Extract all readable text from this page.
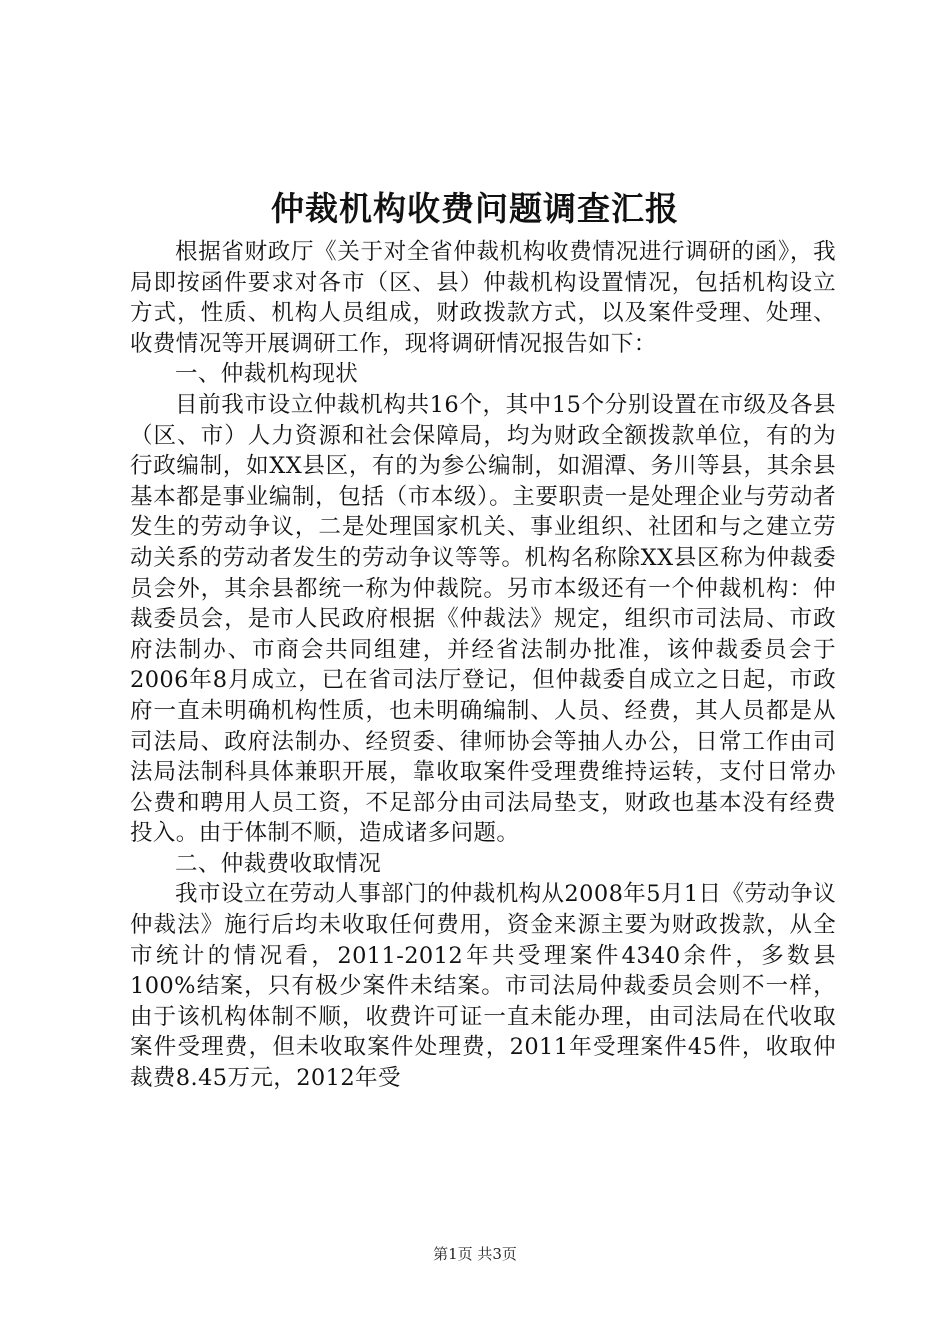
仲裁机构收费问题调查汇报

根据省财政厅《关于对全省仲裁机构收费情况进行调研的函》，我局即按函件要求对各市（区、县）仲裁机构设置情况，包括机构设立方式，性质、机构人员组成，财政拨款方式，以及案件受理、处理、收费情况等开展调研工作，现将调研情况报告如下：

一、仲裁机构现状

目前我市设立仲裁机构共16个，其中15个分别设置在市级及各县（区、市）人力资源和社会保障局，均为财政全额拨款单位，有的为行政编制，如XX县区，有的为参公编制，如湄潭、务川等县，其余县基本都是事业编制，包括（市本级）。主要职责一是处理企业与劳动者发生的劳动争议，二是处理国家机关、事业组织、社团和与之建立劳动关系的劳动者发生的劳动争议等等。机构名称除XX县区称为仲裁委员会外，其余县都统一称为仲裁院。另市本级还有一个仲裁机构：仲裁委员会，是市人民政府根据《仲裁法》规定，组织市司法局、市政府法制办、市商会共同组建，并经省法制办批准，该仲裁委员会于2006年8月成立，已在省司法厅登记，但仲裁委自成立之日起，市政府一直未明确机构性质，也未明确编制、人员、经费，其人员都是从司法局、政府法制办、经贸委、律师协会等抽人办公，日常工作由司法局法制科具体兼职开展，靠收取案件受理费维持运转，支付日常办公费和聘用人员工资，不足部分由司法局垫支，财政也基本没有经费投入。由于体制不顺，造成诸多问题。

二、仲裁费收取情况

我市设立在劳动人事部门的仲裁机构从2008年5月1日《劳动争议仲裁法》施行后均未收取任何费用，资金来源主要为财政拨款，从全市统计的情况看，2011-2012年共受理案件4340余件，多数县100%结案，只有极少案件未结案。市司法局仲裁委员会则不一样，由于该机构体制不顺，收费许可证一直未能办理，由司法局在代收取案件受理费，但未收取案件处理费，2011年受理案件45件，收取仲裁费8.45万元，2012年受

第1页 共3页
